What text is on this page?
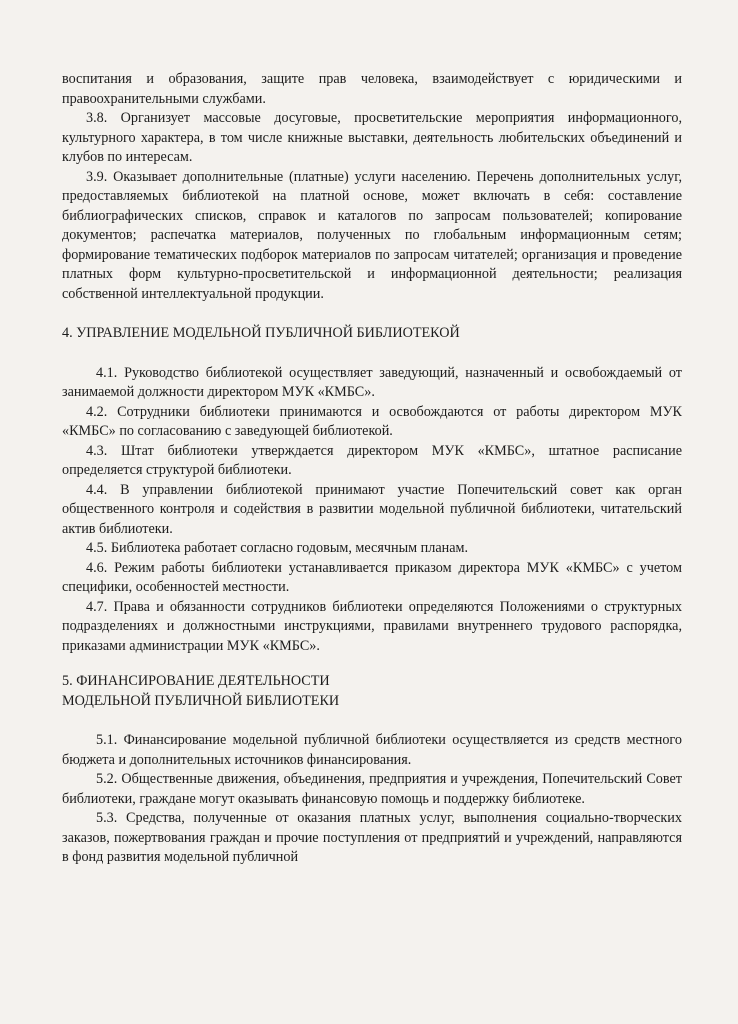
воспитания и образования, защите прав человека, взаимодействует с юридическими и правоохранительными службами.

3.8. Организует массовые досуговые, просветительские мероприятия информационного, культурного характера, в том числе книжные выставки, деятельность любительских объединений и клубов по интересам.

3.9. Оказывает дополнительные (платные) услуги населению. Перечень дополнительных услуг, предоставляемых библиотекой на платной основе, может включать в себя: составление библиографических списков, справок и каталогов по запросам пользователей; копирование документов; распечатка материалов, полученных по глобальным информационным сетям; формирование тематических подборок материалов по запросам читателей; организация и проведение платных форм культурно-просветительской и информационной деятельности; реализация собственной интеллектуальной продукции.

4. УПРАВЛЕНИЕ МОДЕЛЬНОЙ ПУБЛИЧНОЙ БИБЛИОТЕКОЙ

4.1. Руководство библиотекой осуществляет заведующий, назначенный и освобождаемый от занимаемой должности директором МУК «КМБС».

4.2. Сотрудники библиотеки принимаются и освобождаются от работы директором МУК «КМБС» по согласованию с заведующей библиотекой.

4.3. Штат библиотеки утверждается директором МУК «КМБС», штатное расписание определяется структурой библиотеки.

4.4. В управлении библиотекой принимают участие Попечительский совет как орган общественного контроля и содействия в развитии модельной публичной библиотеки, читательский актив библиотеки.

4.5. Библиотека работает согласно годовым, месячным планам.

4.6. Режим работы библиотеки устанавливается приказом директора МУК «КМБС» с учетом специфики, особенностей местности.

4.7. Права и обязанности сотрудников библиотеки определяются Положениями о структурных подразделениях и должностными инструкциями, правилами внутреннего трудового распорядка, приказами администрации МУК «КМБС».

5. ФИНАНСИРОВАНИЕ ДЕЯТЕЛЬНОСТИ
МОДЕЛЬНОЙ ПУБЛИЧНОЙ БИБЛИОТЕКИ

5.1. Финансирование модельной публичной библиотеки осуществляется из средств местного бюджета и дополнительных источников финансирования.

5.2. Общественные движения, объединения, предприятия и учреждения, Попечительский Совет библиотеки, граждане могут оказывать финансовую помощь и поддержку библиотеке.

5.3. Средства, полученные от оказания платных услуг, выполнения социально-творческих заказов, пожертвования граждан и прочие поступления от предприятий и учреждений, направляются в фонд развития модельной публичной
